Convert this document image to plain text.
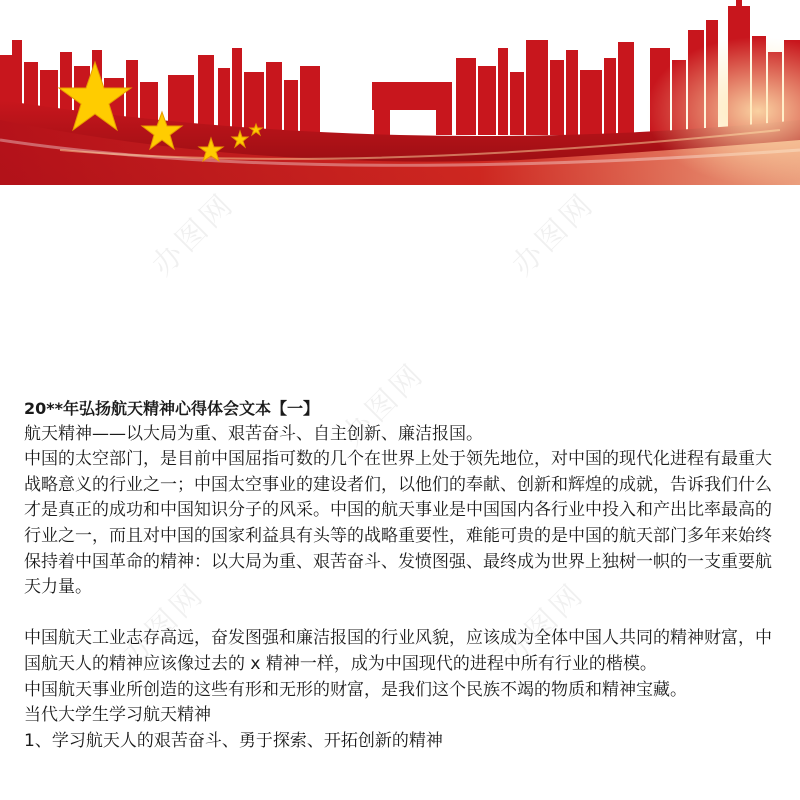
办图网	办图网
办图网
办图网	办图网

20**年弘扬航天精神心得体会文本【一】

航天精神——以大局为重、艰苦奋斗、自主创新、廉洁报国。

中国的太空部门，是目前中国屈指可数的几个在世界上处于领先地位，对中国的现代化进程有最重大战略意义的行业之一；中国太空事业的建设者们，以他们的奉献、创新和辉煌的成就，告诉我们什么才是真正的成功和中国知识分子的风采。中国的航天事业是中国国内各行业中投入和产出比率最高的行业之一，而且对中国的国家利益具有头等的战略重要性，难能可贵的是中国的航天部门多年来始终保持着中国革命的精神：以大局为重、艰苦奋斗、发愤图强、最终成为世界上独树一帜的一支重要航天力量。

中国航天工业志存高远，奋发图强和廉洁报国的行业风貌，应该成为全体中国人共同的精神财富，中国航天人的精神应该像过去的 x 精神一样，成为中国现代的进程中所有行业的楷模。

中国航天事业所创造的这些有形和无形的财富，是我们这个民族不竭的物质和精神宝藏。

当代大学生学习航天精神

1、学习航天人的艰苦奋斗、勇于探索、开拓创新的精神
